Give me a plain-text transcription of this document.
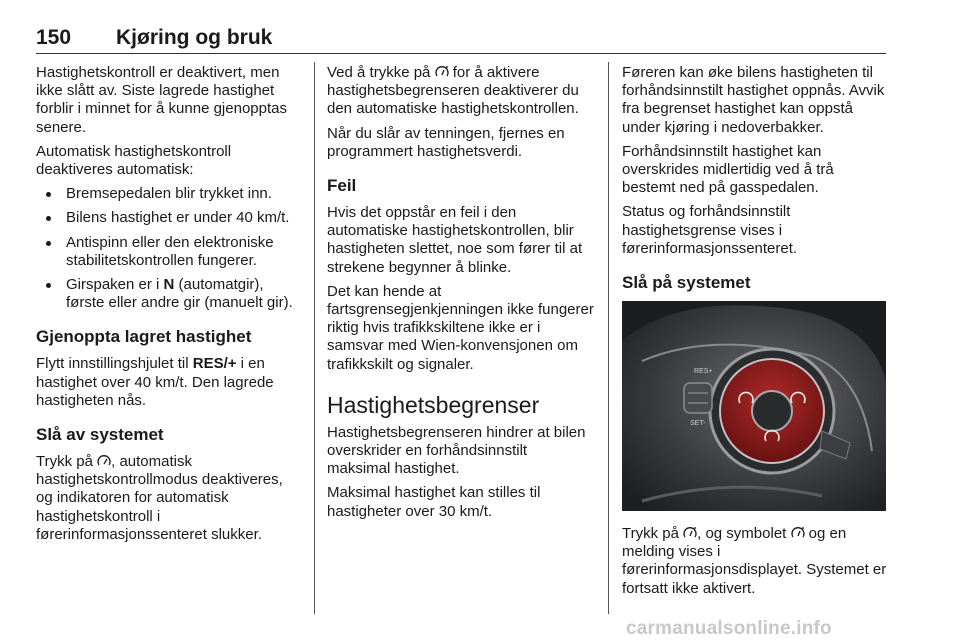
150 Kjøring og bruk

Hastighetskontroll er deaktivert, men ikke slått av. Siste lagrede hastighet forblir i minnet for å kunne gjenopptas senere.

Automatisk hastighetskontroll deaktiveres automatisk:

Bremsepedalen blir trykket inn.
Bilens hastighet er under 40 km/t.
Antispinn eller den elektroniske stabilitetskontrollen fungerer.
Girspaken er i N (automatgir), første eller andre gir (manuelt gir).
Gjenoppta lagret hastighet

Flytt innstillingshjulet til RES/+ i en hastighet over 40 km/t. Den lagrede hastigheten nås.

Slå av systemet

Trykk på , automatisk hastighetskontrollmodus deaktiveres, og indikatoren for automatisk hastighetskontroll i førerinformasjonssenteret slukker.

Ved å trykke på  for å aktivere hastighetsbegrenseren deaktiverer du den automatiske hastighetskontrollen.

Når du slår av tenningen, fjernes en programmert hastighetsverdi.

Feil

Hvis det oppstår en feil i den automatiske hastighetskontrollen, blir hastigheten slettet, noe som fører til at strekene begynner å blinke.

Det kan hende at fartsgrensegjenkjenningen ikke fungerer riktig hvis trafikkskiltene ikke er i samsvar med Wien-konvensjonen om trafikkskilt og signaler.

Hastighetsbegrenser

Hastighetsbegrenseren hindrer at bilen overskrider en forhåndsinnstilt maksimal hastighet.

Maksimal hastighet kan stilles til hastigheter over 30 km/t.

Føreren kan øke bilens hastigheten til forhåndsinnstilt hastighet oppnås. Avvik fra begrenset hastighet kan oppstå under kjøring i nedoverbakker.

Forhåndsinnstilt hastighet kan overskrides midlertidig ved å trå bestemt ned på gasspedalen.

Status og forhåndsinnstilt hastighetsgrense vises i førerinformasjonssenteret.

Slå på systemet
RES+
SET-

Trykk på , og symbolet  og en melding vises i førerinformasjonsdisplayet. Systemet er fortsatt ikke aktivert.

carmanualsonline.info
